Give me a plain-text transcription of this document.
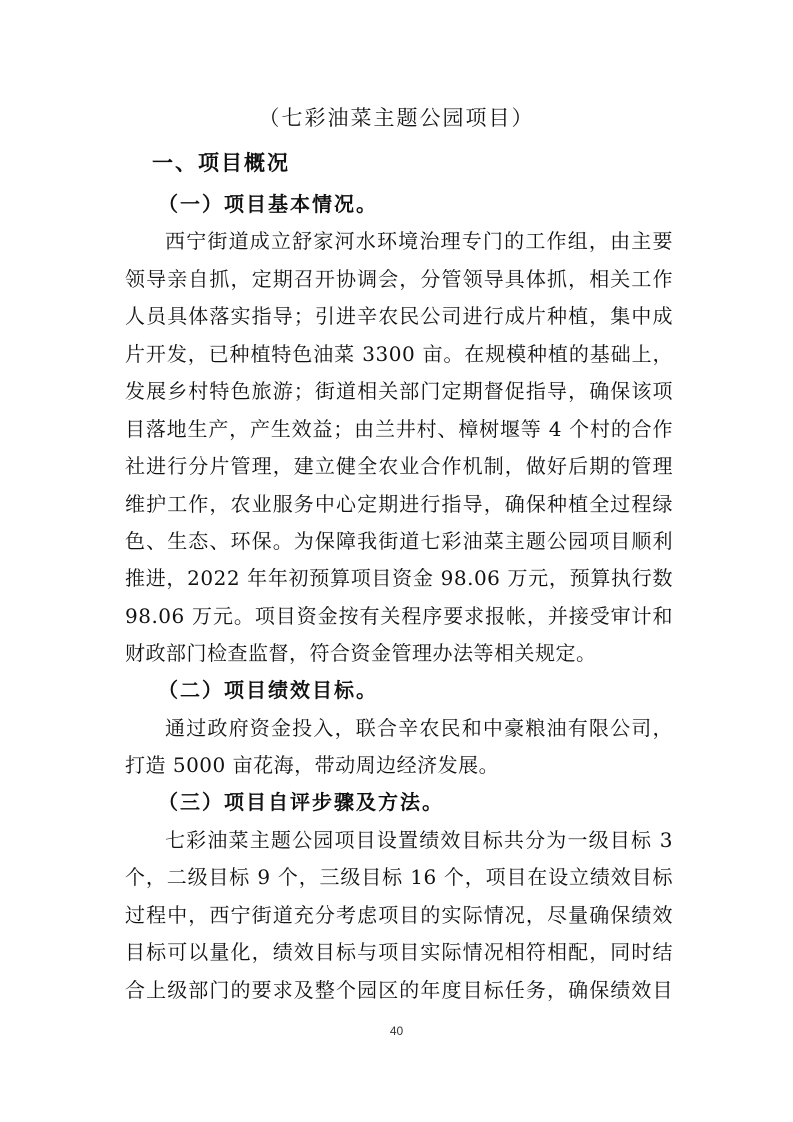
（七彩油菜主题公园项目）
一、项目概况
（一）项目基本情况。
西宁街道成立舒家河水环境治理专门的工作组，由主要
领导亲自抓，定期召开协调会，分管领导具体抓，相关工作
人员具体落实指导；引进辛农民公司进行成片种植，集中成
片开发，已种植特色油菜 3300 亩。在规模种植的基础上，
发展乡村特色旅游；街道相关部门定期督促指导，确保该项
目落地生产，产生效益；由兰井村、樟树堰等 4 个村的合作
社进行分片管理，建立健全农业合作机制，做好后期的管理
维护工作，农业服务中心定期进行指导，确保种植全过程绿
色、生态、环保。为保障我街道七彩油菜主题公园项目顺利
推进，2022 年年初预算项目资金 98.06 万元，预算执行数
98.06 万元。项目资金按有关程序要求报帐，并接受审计和
财政部门检查监督，符合资金管理办法等相关规定。
（二）项目绩效目标。
通过政府资金投入，联合辛农民和中豪粮油有限公司，
打造 5000 亩花海，带动周边经济发展。
（三）项目自评步骤及方法。
七彩油菜主题公园项目设置绩效目标共分为一级目标 3
个，二级目标 9 个，三级目标 16 个，项目在设立绩效目标
过程中，西宁街道充分考虑项目的实际情况，尽量确保绩效
目标可以量化，绩效目标与项目实际情况相符相配，同时结
合上级部门的要求及整个园区的年度目标任务，确保绩效目
40
